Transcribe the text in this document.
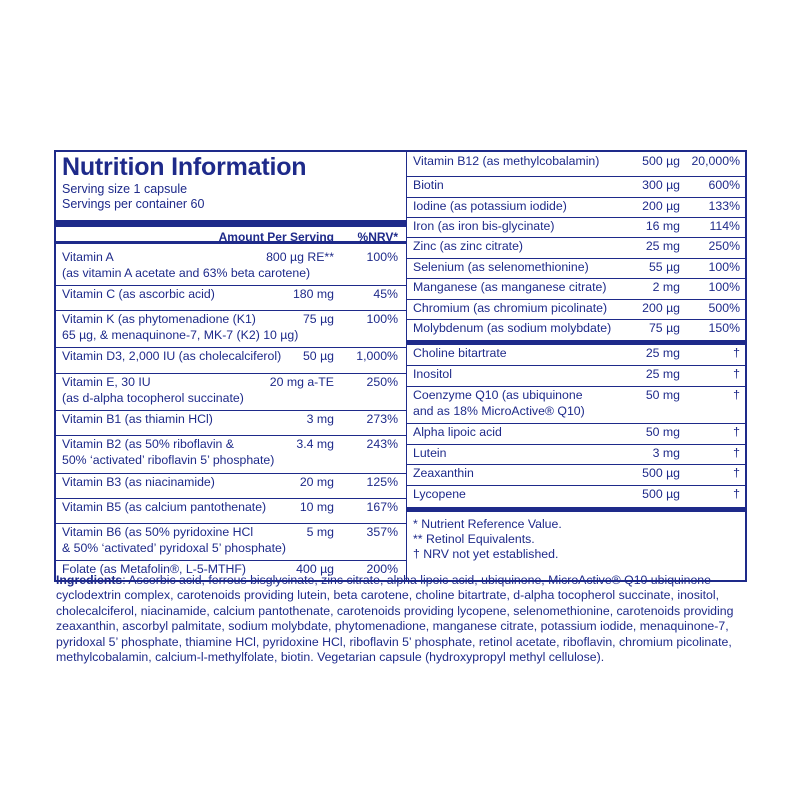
Nutrition Information
Serving size 1 capsule
Servings per container 60
Amount Per Serving %NRV*
Vitamin A
(as vitamin A acetate and 63% beta carotene)
800 µg RE**	100%
Vitamin C (as ascorbic acid)	180 mg	45%
Vitamin K (as phytomenadione (K1)
65 µg, & menaquinone-7, MK-7 (K2) 10 µg)
75 µg	100%
Vitamin D3, 2,000 IU (as cholecalciferol) 50 µg 1,000%
Vitamin E, 30 IU
(as d-alpha tocopherol succinate)
20 mg a-TE	250%
Vitamin B1 (as thiamin HCl)	3 mg	273%
Vitamin B2 (as 50% riboflavin &
50% ‘activated’ riboflavin 5’ phosphate)
3.4 mg	243%
Vitamin B3 (as niacinamide)	20 mg	125%
Vitamin B5 (as calcium pantothenate)	10 mg	167%
Vitamin B6 (as 50% pyridoxine HCl
& 50% ‘activated’ pyridoxal 5’ phosphate)
5 mg	357%
Folate (as Metafolin®, L-5-MTHF)	400 µg	200%
Vitamin B12 (as methylcobalamin)	500 µg 20,000%
Biotin	300 µg 600%
Iodine (as potassium iodide)	200 µg 133%
Iron (as iron bis-glycinate)	16 mg 114%
Zinc (as zinc citrate)	25 mg 250%
Selenium (as selenomethionine)	55 µg 100%
Manganese (as manganese citrate)	2 mg 100%
Chromium (as chromium picolinate)	200 µg 500%
Molybdenum (as sodium molybdate)	75 µg 150%
Choline bitartrate	25 mg	†
Inositol	25 mg	†
Coenzyme Q10 (as ubiquinone
and as 18% MicroActive® Q10)
50 mg	†
Alpha lipoic acid	50 mg	†
Lutein	3 mg	†
Zeaxanthin	500 µg	†
Lycopene	500 µg	†
* Nutrient Reference Value.
** Retinol Equivalents.
† NRV not yet established.
Ingredients: Ascorbic acid, ferrous bisglycinate, zinc citrate, alpha lipoic acid, ubiquinone, MicroActive® Q10 ubiquinone cyclodextrin complex, carotenoids providing lutein, beta carotene, choline bitartrate, d-alpha tocopherol succinate, inositol, cholecalciferol, niacinamide, calcium pantothenate, carotenoids providing lycopene, selenomethionine, carotenoids providing zeaxanthin, ascorbyl palmitate, sodium molybdate, phytomenadione, manganese citrate, potassium iodide, menaquinone-7, pyridoxal 5’ phosphate, thiamine HCl, pyridoxine HCl, riboflavin 5’ phosphate, retinol acetate, riboflavin, chromium picolinate, methylcobalamin, calcium-l-methylfolate, biotin. Vegetarian capsule (hydroxypropyl methyl cellulose).
